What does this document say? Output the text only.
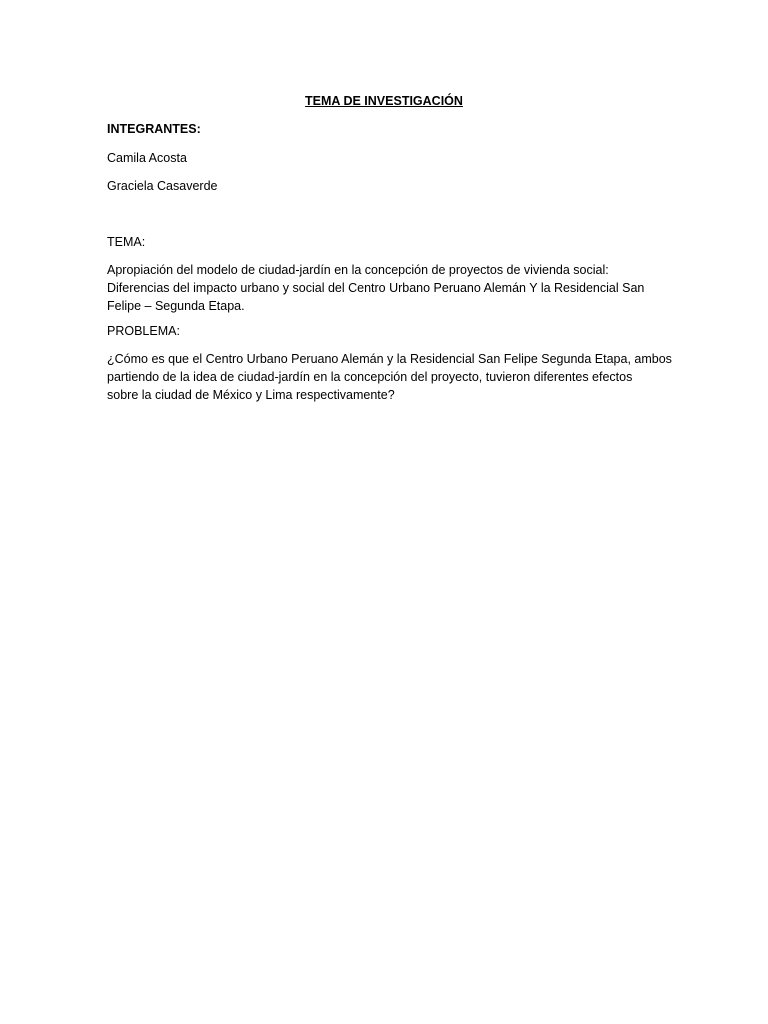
TEMA DE INVESTIGACIÓN
INTEGRANTES:
Camila Acosta
Graciela Casaverde
TEMA:
Apropiación del modelo de ciudad-jardín en la concepción de proyectos de vivienda social:
Diferencias del impacto urbano y social del Centro Urbano Peruano Alemán Y la Residencial San
Felipe – Segunda Etapa.
PROBLEMA:
¿Cómo es que el Centro Urbano Peruano Alemán y la Residencial San Felipe Segunda Etapa, ambos
partiendo de la idea de ciudad-jardín en la concepción del proyecto, tuvieron diferentes efectos
sobre la ciudad de México y Lima respectivamente?
